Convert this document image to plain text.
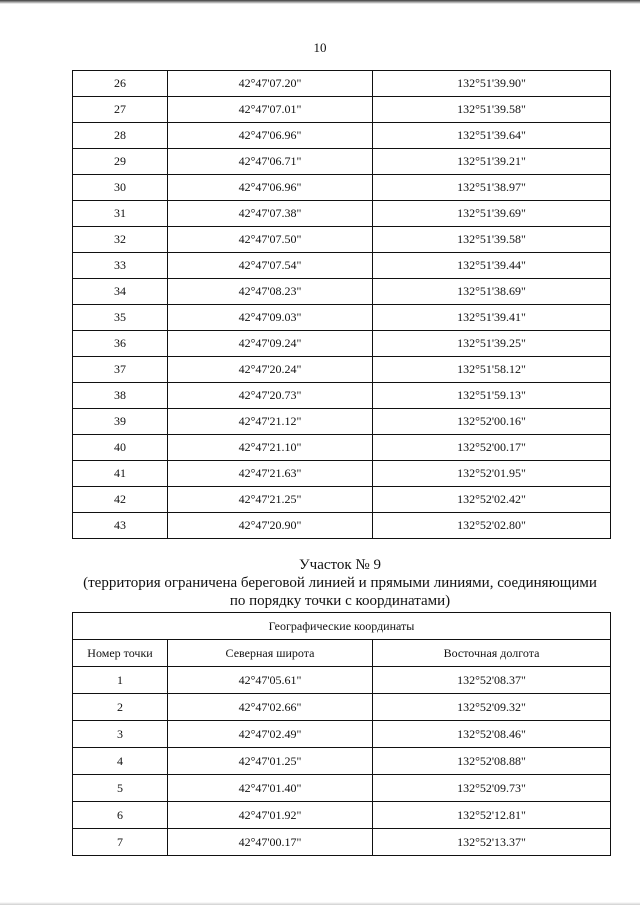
10
26	42°47'07.20"	132°51'39.90"
27	42°47'07.01"	132°51'39.58"
28	42°47'06.96"	132°51'39.64"
29	42°47'06.71"	132°51'39.21"
30	42°47'06.96"	132°51'38.97"
31	42°47'07.38"	132°51'39.69"
32	42°47'07.50"	132°51'39.58"
33	42°47'07.54"	132°51'39.44"
34	42°47'08.23"	132°51'38.69"
35	42°47'09.03"	132°51'39.41"
36	42°47'09.24"	132°51'39.25"
37	42°47'20.24"	132°51'58.12"
38	42°47'20.73"	132°51'59.13"
39	42°47'21.12"	132°52'00.16"
40	42°47'21.10"	132°52'00.17"
41	42°47'21.63"	132°52'01.95"
42	42°47'21.25"	132°52'02.42"
43	42°47'20.90"	132°52'02.80"
Участок № 9
(территория ограничена береговой линией и прямыми линиями, соединяющими
по порядку точки с координатами)
Географические координаты		
Номер точки	Северная широта	Восточная долгота
1	42°47'05.61"	132°52'08.37"
2	42°47'02.66"	132°52'09.32"
3	42°47'02.49"	132°52'08.46"
4	42°47'01.25"	132°52'08.88"
5	42°47'01.40"	132°52'09.73"
6	42°47'01.92"	132°52'12.81"
7	42°47'00.17"	132°52'13.37"
